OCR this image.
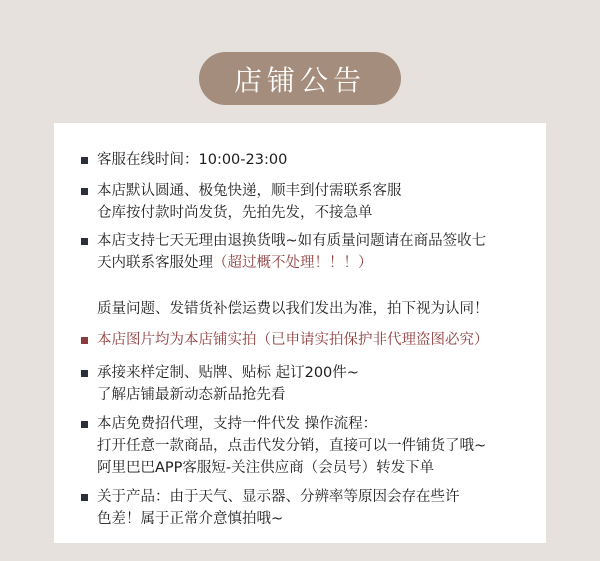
店铺公告
客服在线时间：10:00-23:00
本店默认圆通、极兔快递，顺丰到付需联系客服
仓库按付款时尚发货，先拍先发，不接急单
本店支持七天无理由退换货哦~如有质量问题请在商品签收七
天内联系客服处理（超过概不处理！！！）
质量问题、发错货补偿运费以我们发出为准，拍下视为认同！
本店图片均为本店铺实拍（已申请实拍保护非代理盗图必究）
承接来样定制、贴牌、贴标 起订200件~
了解店铺最新动态新品抢先看
本店免费招代理，支持一件代发 操作流程：
打开任意一款商品，点击代发分销，直接可以一件铺货了哦~
阿里巴巴APP客服短-关注供应商（会员号）转发下单
关于产品：由于天气、显示器、分辨率等原因会存在些许
色差！属于正常介意慎拍哦~
